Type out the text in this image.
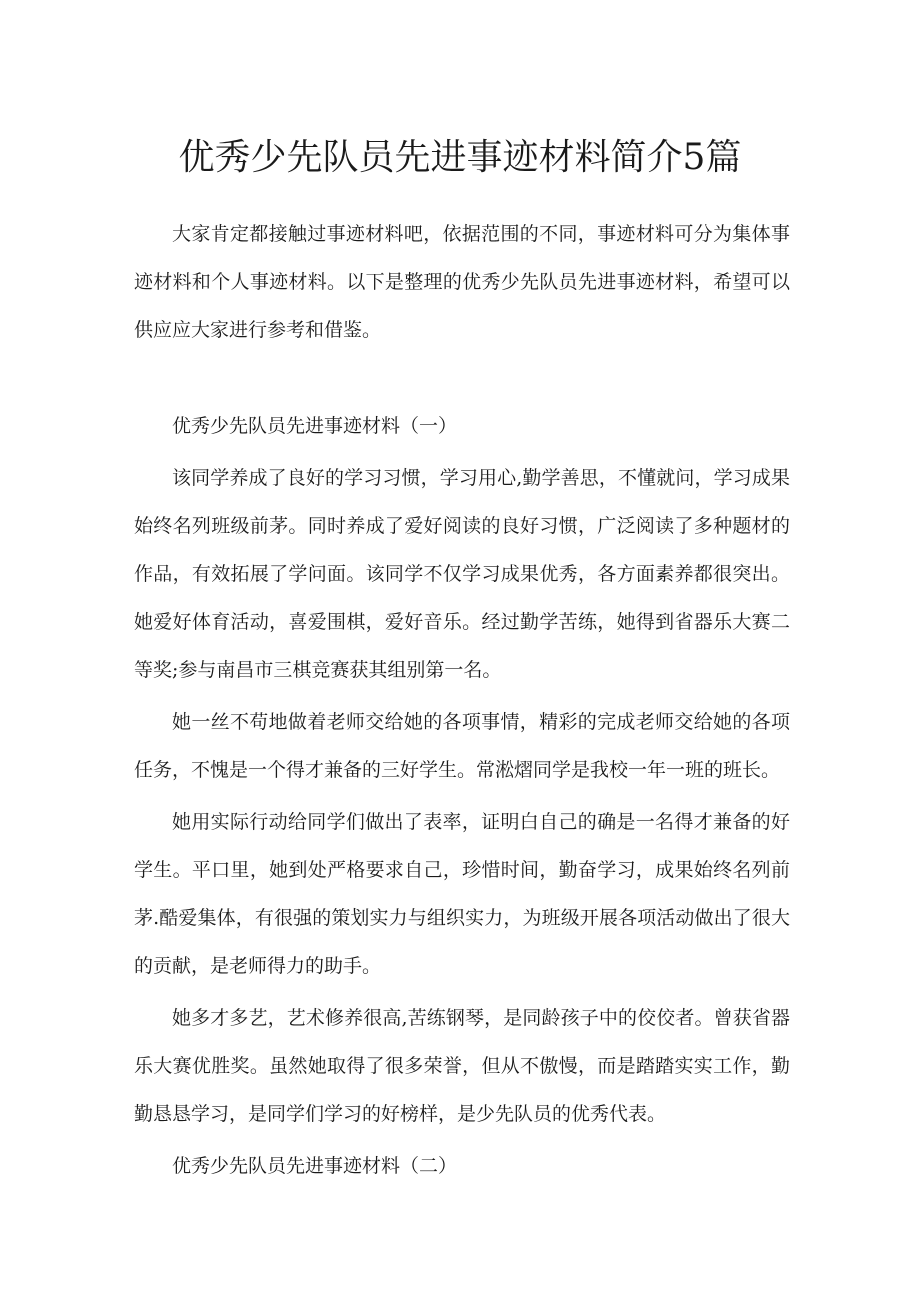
优秀少先队员先进事迹材料简介5篇

大家肯定都接触过事迹材料吧，依据范围的不同，事迹材料可分为集体事迹材料和个人事迹材料。以下是整理的优秀少先队员先进事迹材料，希望可以供应应大家进行参考和借鉴。

优秀少先队员先进事迹材料（一）

该同学养成了良好的学习习惯，学习用心,勤学善思，不懂就问，学习成果始终名列班级前茅。同时养成了爱好阅读的良好习惯，广泛阅读了多种题材的作品，有效拓展了学问面。该同学不仅学习成果优秀，各方面素养都很突出。她爱好体育活动，喜爱围棋，爱好音乐。经过勤学苦练，她得到省器乐大赛二等奖;参与南昌市三棋竞赛获其组别第一名。

她一丝不苟地做着老师交给她的各项事情，精彩的完成老师交给她的各项任务，不愧是一个得才兼备的三好学生。常淞熠同学是我校一年一班的班长。

她用实际行动给同学们做出了表率，证明白自己的确是一名得才兼备的好学生。平口里，她到处严格要求自己，珍惜时间，勤奋学习，成果始终名列前茅.酷爱集体，有很强的策划实力与组织实力，为班级开展各项活动做出了很大的贡献，是老师得力的助手。

她多才多艺，艺术修养很高,苦练钢琴，是同龄孩子中的佼佼者。曾获省器乐大赛优胜奖。虽然她取得了很多荣誉，但从不傲慢，而是踏踏实实工作，勤勤恳恳学习，是同学们学习的好榜样，是少先队员的优秀代表。

优秀少先队员先进事迹材料（二）
